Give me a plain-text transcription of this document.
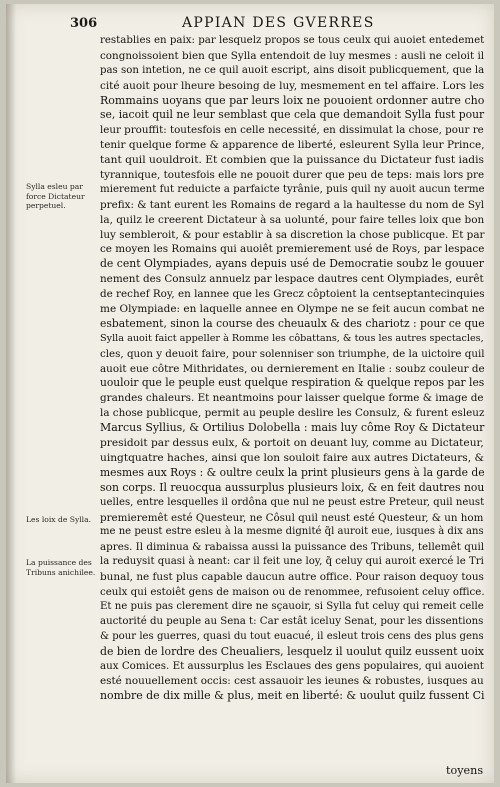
306	APPIAN DES GVERRES
Sylla esleu par force Dictateur perpetuel.
Les loix de Sylla.
La puissance des Tribuns anichilee.
restablies en paix: par lesquelz propos se tous ceulx qui auoiet entedemet
congnoissoient bien que Sylla entendoit de luy mesmes : ausli ne celoit il
pas son intetion, ne ce quil auoit escript, ains disoit publicquement, que la
cité auoit pour lheure besoing de luy, mesmement en tel affaire. Lors les
Rommains uoyans que par leurs loix ne pouoient ordonner autre cho
se, iacoit quil ne leur semblast que cela que demandoit Sylla fust pour
leur prouffit: toutesfois en celle necessité, en dissimulat la chose, pour re
tenir quelque forme & apparence de liberté, esleurent Sylla leur Prince,
tant quil uouldroit. Et combien que la puissance du Dictateur fust iadis
tyrannique, toutesfois elle ne pouoit durer que peu de teps: mais lors pre
mierement fut reduicte a parfaicte tyrânie, puis quil ny auoit aucun terme
prefix: & tant eurent les Romains de regard a la haultesse du nom de Syl
la, quilz le creerent Dictateur à sa uolunté, pour faire telles loix que bon
luy sembleroit, & pour establir à sa discretion la chose publicque. Et par
ce moyen les Romains qui auoiêt premierement usé de Roys, par lespace
de cent Olympiades, ayans depuis usé de Democratie soubz le gouuer
nement des Consulz annuelz par lespace dautres cent Olympiades, eurêt
de rechef Roy, en lannee que les Grecz côptoient la centseptantecinquies
me Olympiade: en laquelle annee en Olympe ne se feit aucun combat ne
esbatement, sinon la course des cheuaulx & des chariotz : pour ce que
Sylla auoit faict appeller à Romme les côbattans, & tous les autres spectacles,
cles, quon y deuoit faire, pour solenniser son triumphe, de la uictoire quil
auoit eue côtre Mithridates, ou dernierement en Italie : soubz couleur de
uouloir que le peuple eust quelque respiration & quelque repos par les
grandes chaleurs. Et neantmoins pour laisser quelque forme & image de
la chose publicque, permit au peuple deslire les Consulz, & furent esleuz
Marcus Syllius, & Ortilius Dolobella : mais luy côme Roy & Dictateur
presidoit par dessus eulx, & portoit on deuant luy, comme au Dictateur,
uingtquatre haches, ainsi que lon souloit faire aux autres Dictateurs, &
mesmes aux Roys : & oultre ceulx la print plusieurs gens à la garde de
son corps. Il reuocqua aussurplus plusieurs loix, & en feit dautres nou
uelles, entre lesquelles il ordôna que nul ne peust estre Preteur, quil neust
premieremêt esté Questeur, ne Côsul quil neust esté Questeur, & un hom
me ne peust estre esleu à la mesme dignité q̃l auroit eue, iusques à dix ans
apres. Il diminua & rabaissa aussi la puissance des Tribuns, tellemêt quil
la reduysit quasi à neant: car il feit une loy, q̃ celuy qui auroit exercé le Tri
bunal, ne fust plus capable daucun autre office. Pour raison dequoy tous
ceulx qui estoiêt gens de maison ou de renommee, refusoient celuy office.
Et ne puis pas clerement dire ne sçauoir, si Sylla fut celuy qui remeit celle
auctorité du peuple au Sena t: Car estât iceluy Senat, pour les dissentions
& pour les guerres, quasi du tout euacué, il esleut trois cens des plus gens
de bien de lordre des Cheualiers, lesquelz il uoulut quilz eussent uoix
aux Comices. Et aussurplus les Esclaues des gens populaires, qui auoient
esté nouuellement occis: cest assauoir les ieunes & robustes, iusques au
nombre de dix mille & plus, meit en liberté: & uoulut quilz fussent Ci
toyens
